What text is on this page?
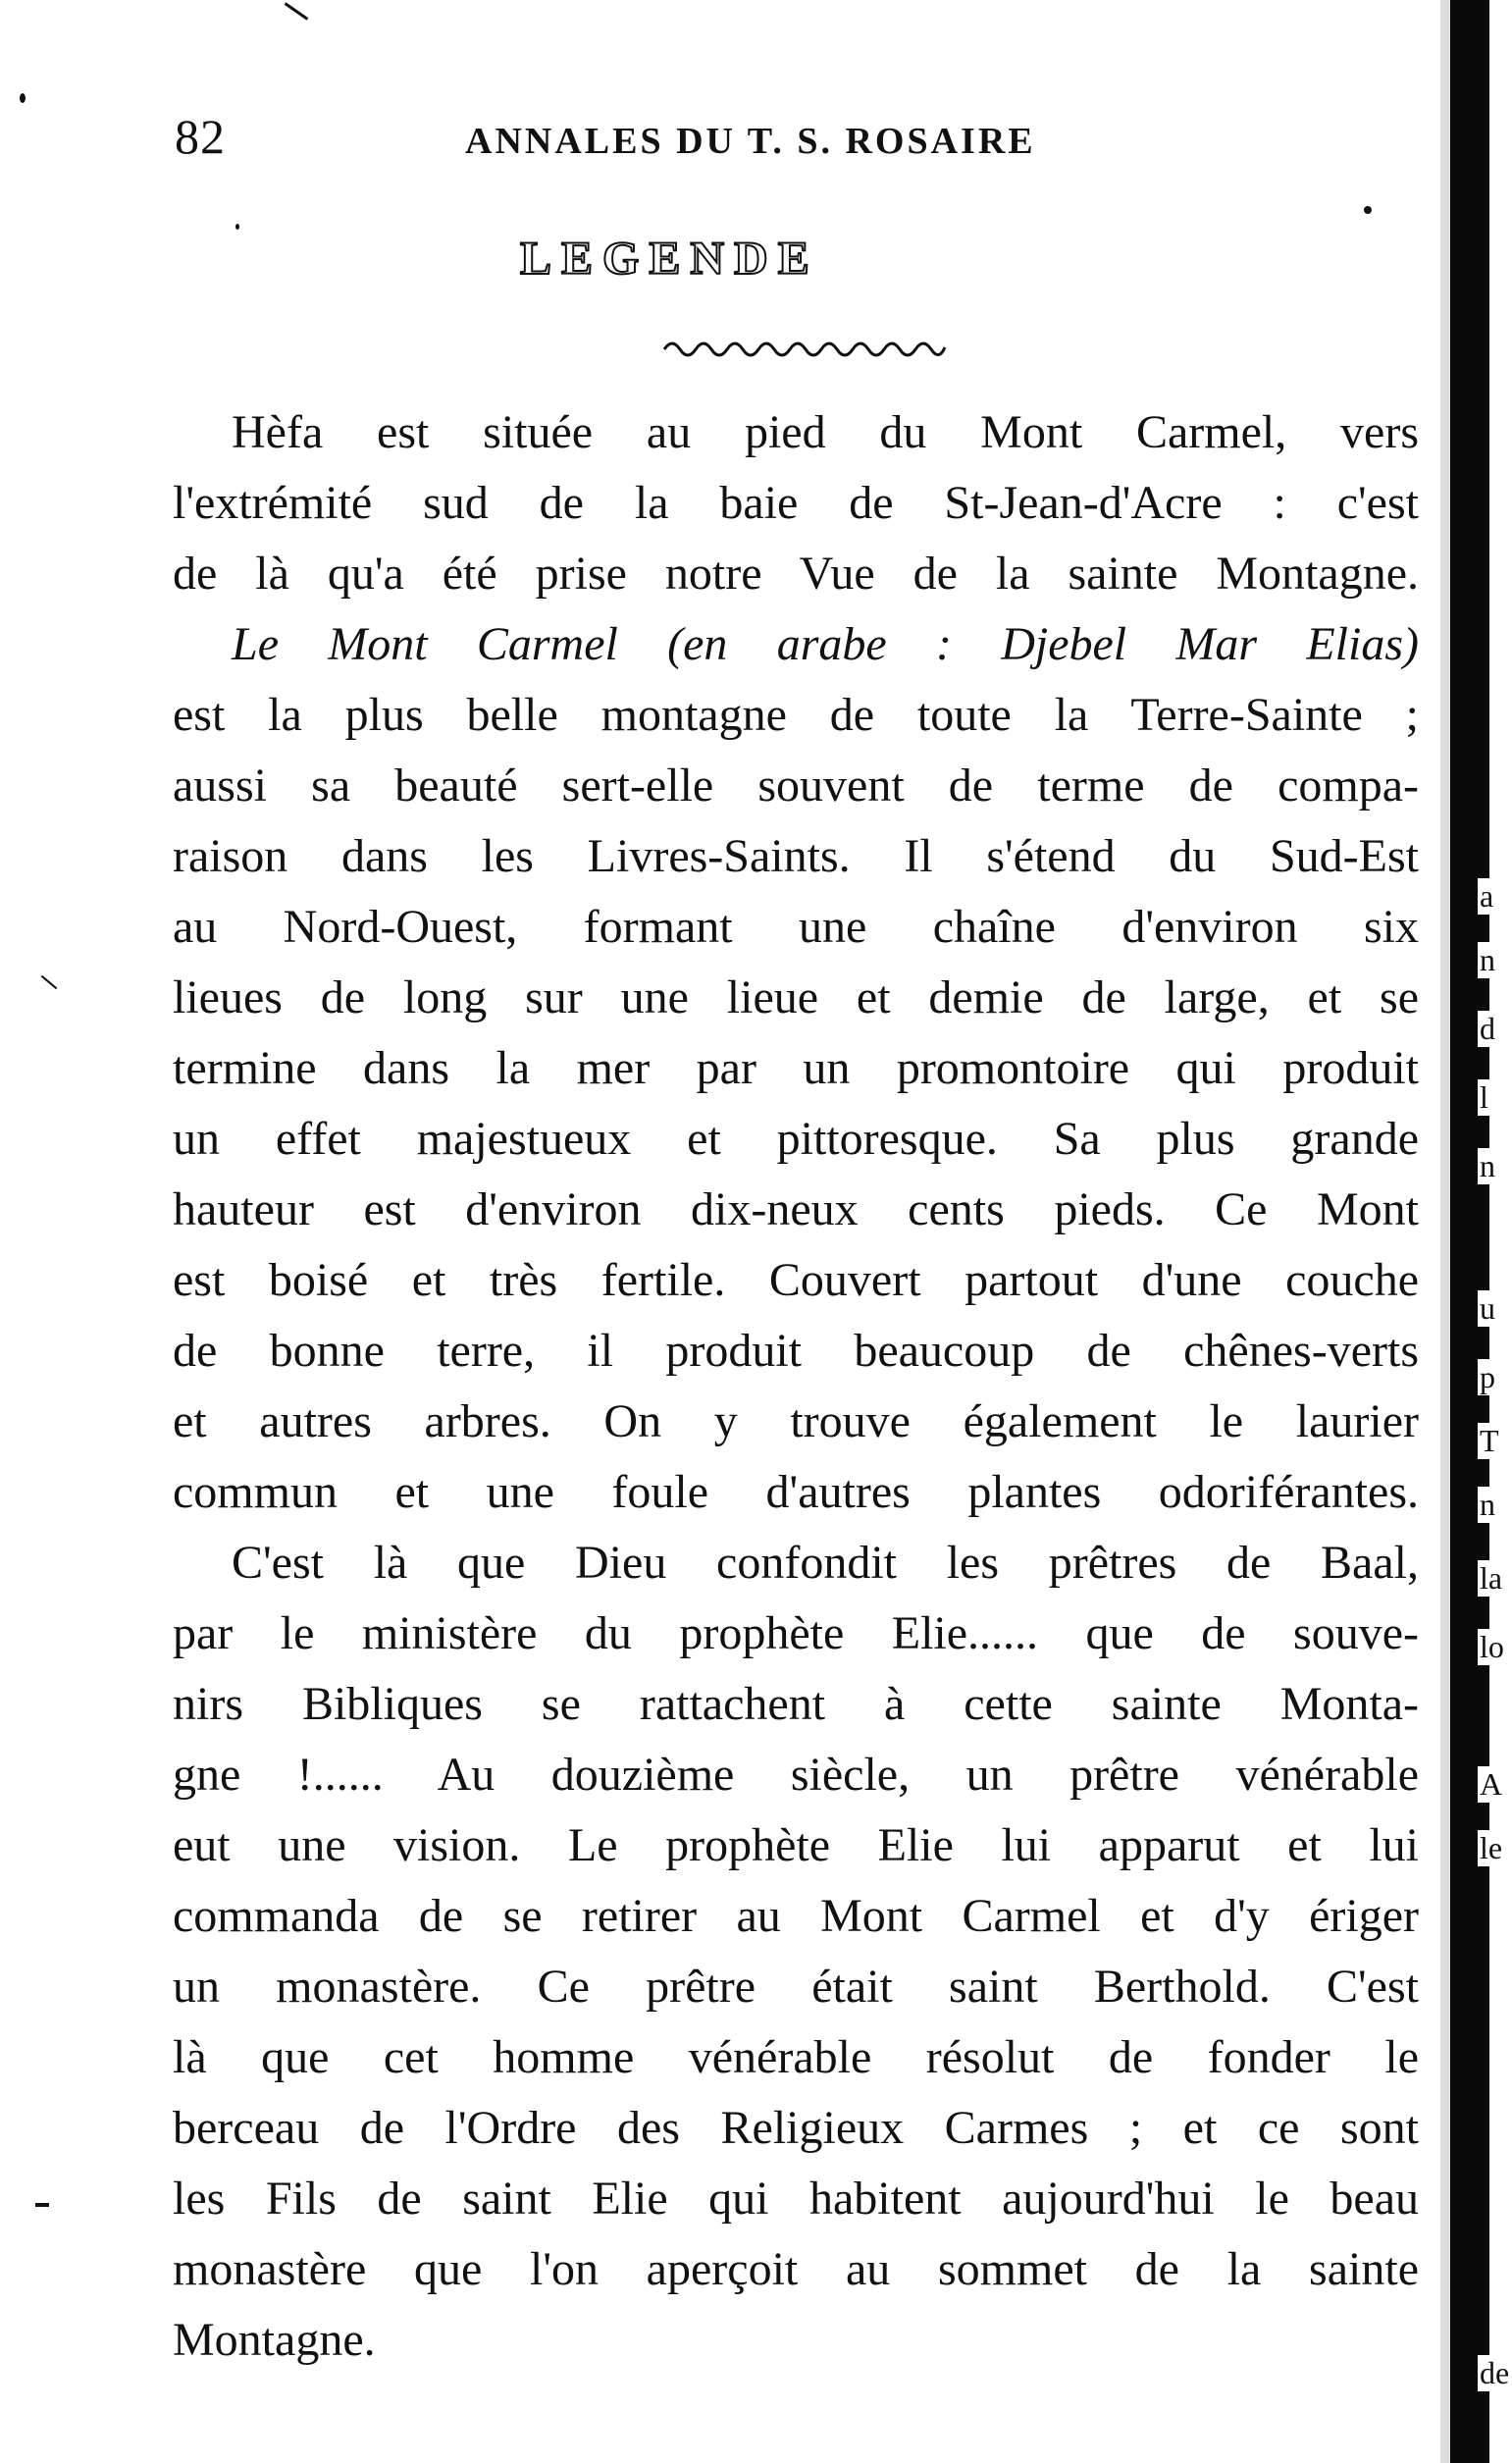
82	ANNALES DU T. S. ROSAIRE
LEGENDE
Hèfa est située au pied du Mont Carmel, vers
l'extrémité sud de la baie de St-Jean-d'Acre : c'est
de là qu'a été prise notre Vue de la sainte Montagne.
Le Mont Carmel (en arabe : Djebel Mar Elias)
est la plus belle montagne de toute la Terre-Sainte ;
aussi sa beauté sert-elle souvent de terme de compa-
raison dans les Livres-Saints. Il s'étend du Sud-Est
au Nord-Ouest, formant une chaîne d'environ six
lieues de long sur une lieue et demie de large, et se
termine dans la mer par un promontoire qui produit
un effet majestueux et pittoresque. Sa plus grande
hauteur est d'environ dix-neux cents pieds. Ce Mont
est boisé et très fertile. Couvert partout d'une couche
de bonne terre, il produit beaucoup de chênes-verts
et autres arbres. On y trouve également le laurier
commun et une foule d'autres plantes odoriférantes.
C'est là que Dieu confondit les prêtres de Baal,
par le ministère du prophète Elie...... que de souve-
nirs Bibliques se rattachent à cette sainte Monta-
gne !...... Au douzième siècle, un prêtre vénérable
eut une vision. Le prophète Elie lui apparut et lui
commanda de se retirer au Mont Carmel et d'y ériger
un monastère. Ce prêtre était saint Berthold. C'est
là que cet homme vénérable résolut de fonder le
berceau de l'Ordre des Religieux Carmes ; et ce sont
les Fils de saint Elie qui habitent aujourd'hui le beau
monastère que l'on aperçoit au sommet de la sainte
Montagne.
a
n
d
l
n
u
p
T
n
la
lo
A
le
de
